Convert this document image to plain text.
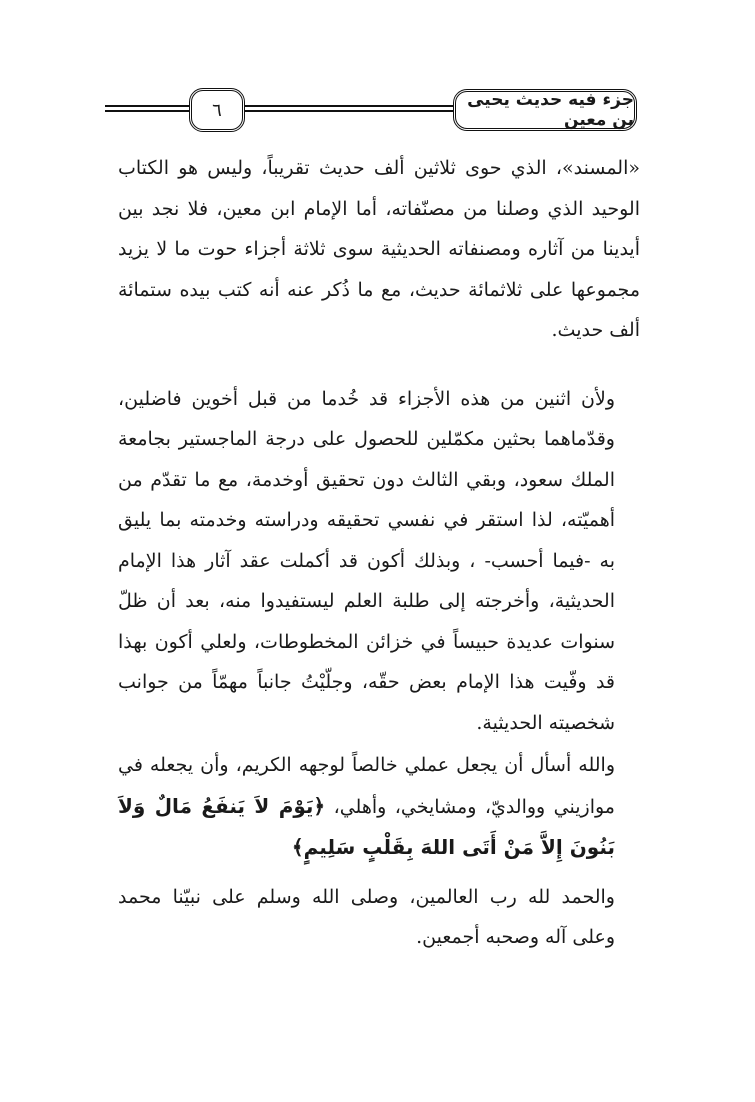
٦	جزء فيه حديث يحيى بن معين

«المسند»، الذي حوى ثلاثين ألف حديث تقريباً، وليس هو الكتاب الوحيد الذي وصلنا من مصنّفاته، أما الإمام ابن معين، فلا نجد بين أيدينا من آثاره ومصنفاته الحديثية سوى ثلاثة أجزاء حوت ما لا يزيد مجموعها على ثلاثمائة حديث، مع ما ذُكر عنه أنه كتب بيده ستمائة ألف حديث.

ولأن اثنين من هذه الأجزاء قد خُدما من قبل أخوين فاضلين، وقدّماهما بحثين مكمّلين للحصول على درجة الماجستير بجامعة الملك سعود، وبقي الثالث دون تحقيق أوخدمة، مع ما تقدّم من أهميّته، لذا استقر في نفسي تحقيقه ودراسته وخدمته بما يليق به -فيما أحسب- ، وبذلك أكون قد أكملت عقد آثار هذا الإمام الحديثية، وأخرجته إلى طلبة العلم ليستفيدوا منه، بعد أن ظلّ سنوات عديدة حبيساً في خزائن المخطوطات، ولعلي أكون بهذا قد وفّيت هذا الإمام بعض حقّه، وجلّيْتُ جانباً مهمّاً من جوانب شخصيته الحديثية.

والله أسأل أن يجعل عملي خالصاً لوجهه الكريم، وأن يجعله في موازيني ووالديّ، ومشايخي، وأهلي، ﴿يَوْمَ لاَ يَنفَعُ مَالٌ وَلاَ بَنُونَ إِلاَّ مَنْ أَتَى اللهَ بِقَلْبٍ سَلِيمٍ﴾

والحمد لله رب العالمين، وصلى الله وسلم على نبيّنا محمد وعلى آله وصحبه أجمعين.
